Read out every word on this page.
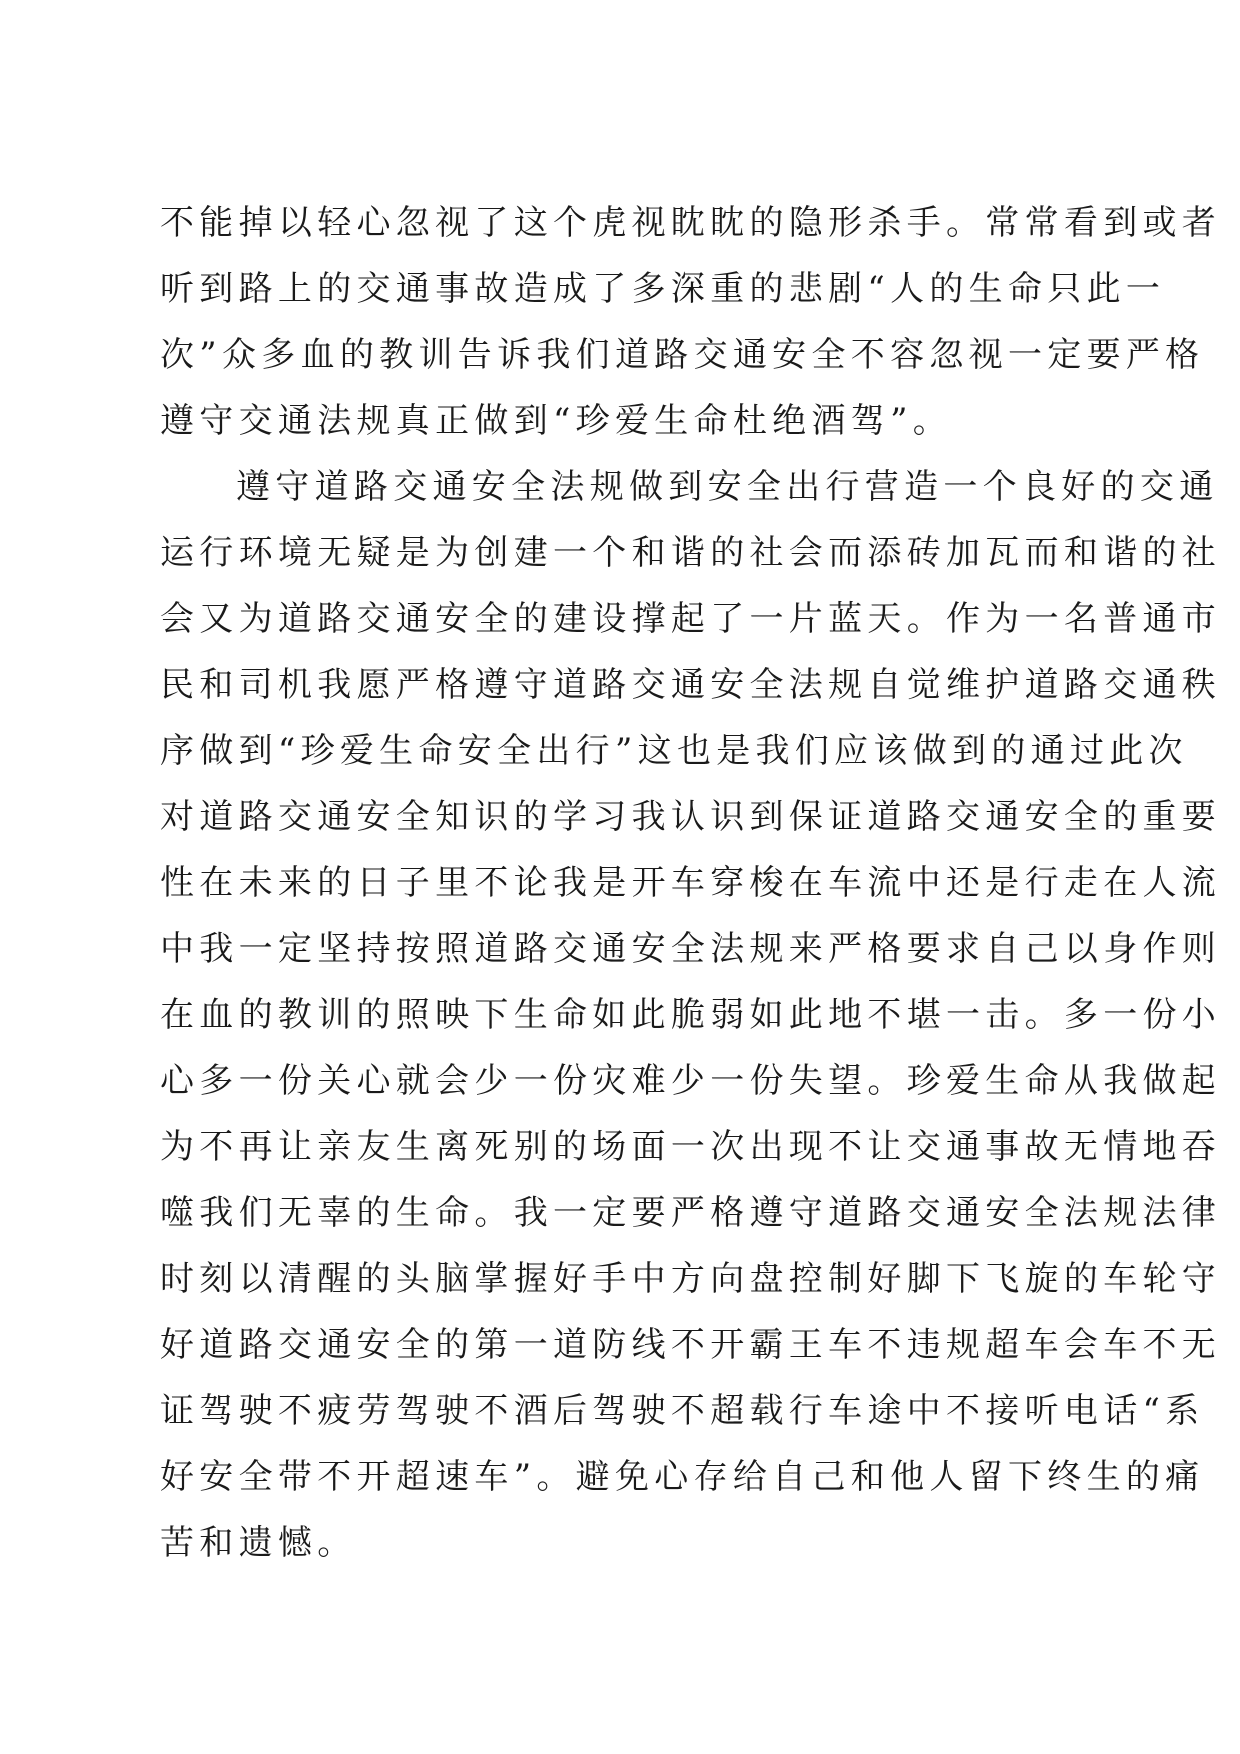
不能掉以轻心忽视了这个虎视眈眈的隐形杀手。常常看到或者
听到路上的交通事故造成了多深重的悲剧“人的生命只此一
次”众多血的教训告诉我们道路交通安全不容忽视一定要严格
遵守交通法规真正做到“珍爱生命杜绝酒驾”。
遵守道路交通安全法规做到安全出行营造一个良好的交通
运行环境无疑是为创建一个和谐的社会而添砖加瓦而和谐的社
会又为道路交通安全的建设撑起了一片蓝天。作为一名普通市
民和司机我愿严格遵守道路交通安全法规自觉维护道路交通秩
序做到“珍爱生命安全出行”这也是我们应该做到的通过此次
对道路交通安全知识的学习我认识到保证道路交通安全的重要
性在未来的日子里不论我是开车穿梭在车流中还是行走在人流
中我一定坚持按照道路交通安全法规来严格要求自己以身作则
在血的教训的照映下生命如此脆弱如此地不堪一击。多一份小
心多一份关心就会少一份灾难少一份失望。珍爱生命从我做起
为不再让亲友生离死别的场面一次出现不让交通事故无情地吞
噬我们无辜的生命。我一定要严格遵守道路交通安全法规法律
时刻以清醒的头脑掌握好手中方向盘控制好脚下飞旋的车轮守
好道路交通安全的第一道防线不开霸王车不违规超车会车不无
证驾驶不疲劳驾驶不酒后驾驶不超载行车途中不接听电话“系
好安全带不开超速车”。避免心存给自己和他人留下终生的痛
苦和遗憾。
